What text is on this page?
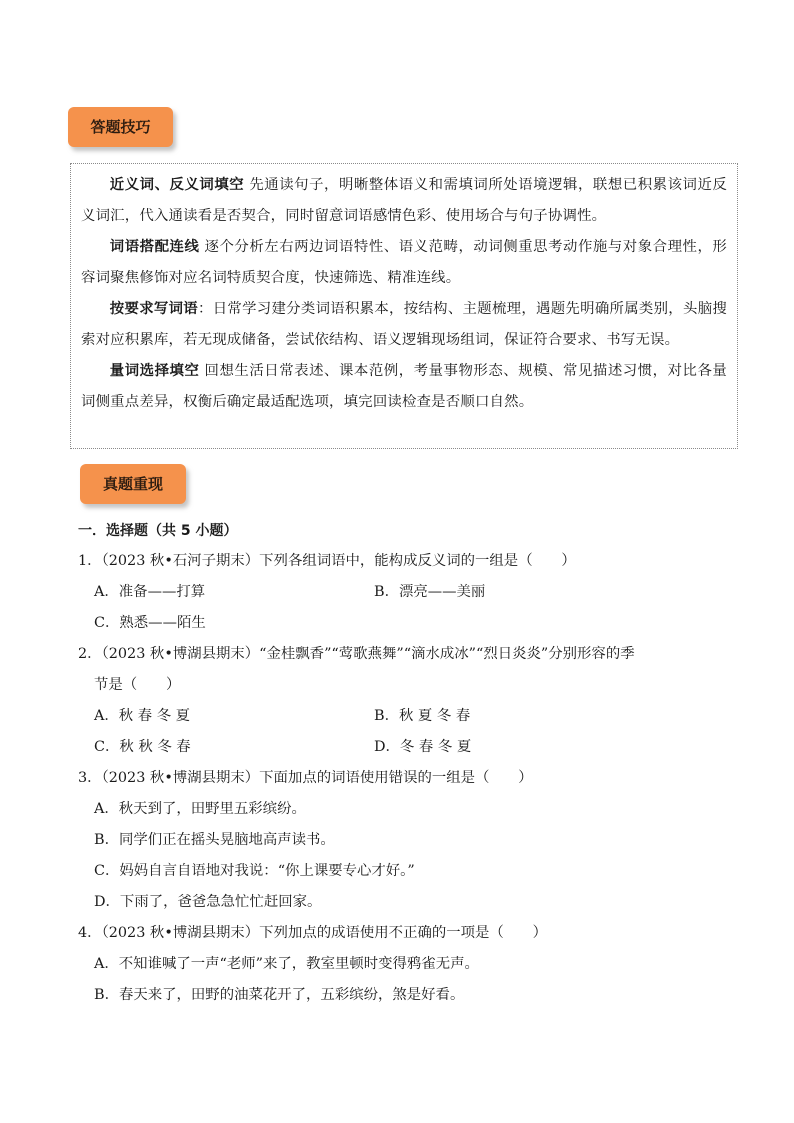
答题技巧

近义词、反义词填空 先通读句子，明晰整体语义和需填词所处语境逻辑，联想已积累该词近反义词汇，代入通读看是否契合，同时留意词语感情色彩、使用场合与句子协调性。

词语搭配连线 逐个分析左右两边词语特性、语义范畴，动词侧重思考动作施与对象合理性，形容词聚焦修饰对应名词特质契合度，快速筛选、精准连线。

按要求写词语：日常学习建分类词语积累本，按结构、主题梳理，遇题先明确所属类别，头脑搜索对应积累库，若无现成储备，尝试依结构、语义逻辑现场组词，保证符合要求、书写无误。

量词选择填空 回想生活日常表述、课本范例，考量事物形态、规模、常见描述习惯，对比各量词侧重点差异，权衡后确定最适配选项，填完回读检查是否顺口自然。

真题重现
一．选择题（共 5 小题）
1．（2023 秋•石河子期末）下列各组词语中，能构成反义词的一组是（　　）
A．准备——打算	B．漂亮——美丽
C．熟悉——陌生
2．（2023 秋•博湖县期末）“金桂飘香”“莺歌燕舞”“滴水成冰”“烈日炎炎”分别形容的季
节是（　　）
A．秋 春 冬 夏	B．秋 夏 冬 春
C．秋 秋 冬 春	D．冬 春 冬 夏
3．（2023 秋•博湖县期末）下面加点的词语使用错误的一组是（　　）
A．秋天到了，田野里五彩缤纷。
B．同学们正在摇头晃脑地高声读书。
C．妈妈自言自语地对我说：“你上课要专心才好。”
D．下雨了，爸爸急急忙忙赶回家。
4．（2023 秋•博湖县期末）下列加点的成语使用不正确的一项是（　　）
A．不知谁喊了一声“老师”来了，教室里顿时变得鸦雀无声。
B．春天来了，田野的油菜花开了，五彩缤纷，煞是好看。
